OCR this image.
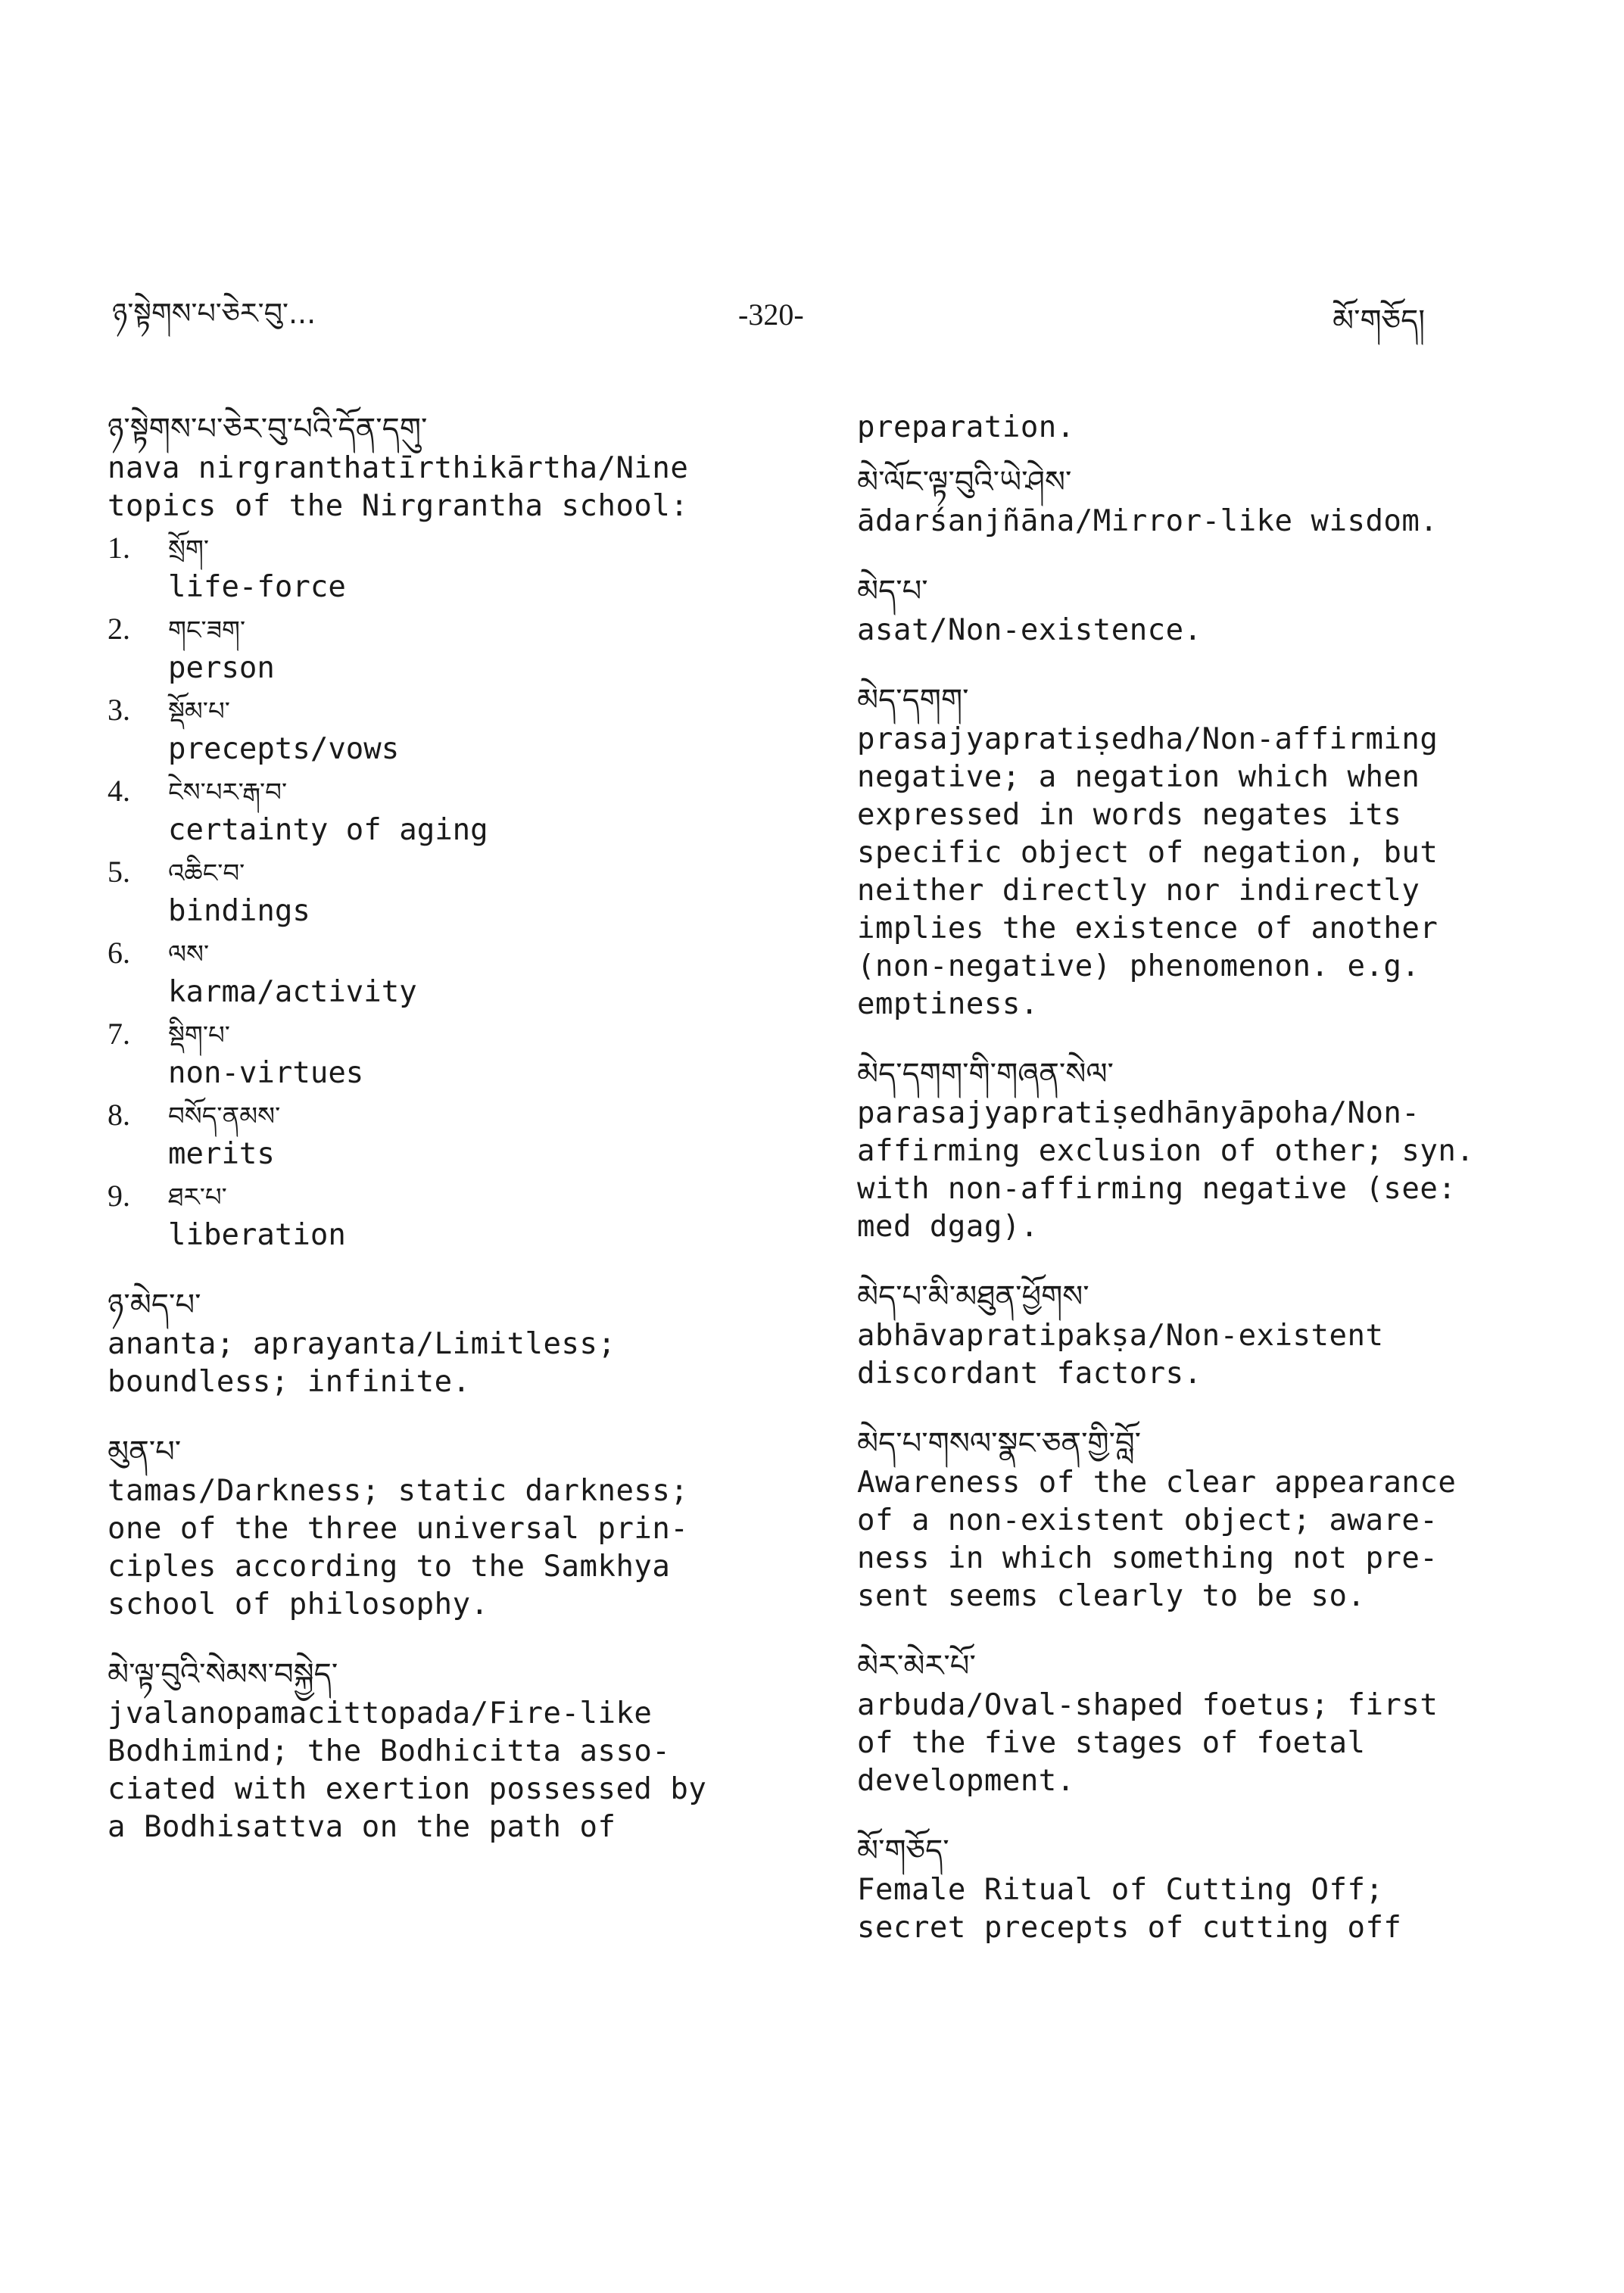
ཉ་སྟེགས་པ་ཅེར་བུ་...	-320-	མོ་གཅོད།

ཉ་སྟེགས་པ་ཅེར་བུ་པའི་དོན་དགུ་

nava nirgranthatīrthikārtha/Nine
topics of the Nirgrantha school:

1.	སྲོག་
life-force
2.	གང་ཟག་
person
3.	སྡོམ་པ་
precepts/vows
4.	ངེས་པར་རྒ་བ་
certainty of aging
5.	འཆིང་བ་
bindings
6.	ལས་
karma/activity
7.	སྡིག་པ་
non-virtues
8.	བསོད་ནམས་
merits
9.	ཐར་པ་
liberation

ཉ་མེད་པ་

ananta; aprayanta/Limitless;
boundless; infinite.

མུན་པ་

tamas/Darkness; static darkness;
one of the three universal prin-
ciples according to the Samkhya
school of philosophy.

མེ་ལྟ་བུའི་སེམས་བསྐྱེད་

jvalanopamacittopada/Fire-like
Bodhimind; the Bodhicitta asso-
ciated with exertion possessed by
a Bodhisattva on the path of

preparation.

མེ་ལོང་ལྟ་བུའི་ཡེ་ཤེས་

ādarśanjñāna/Mirror-like wisdom.

མེད་པ་

asat/Non-existence.

མེད་དགག་

prasajyapratiṣedha/Non-affirming
negative; a negation which when
expressed in words negates its
specific object of negation, but
neither directly nor indirectly
implies the existence of another
(non-negative) phenomenon. e.g.
emptiness.

མེད་དགག་གི་གཞན་སེལ་

parasajyapratiṣedhānyāpoha/Non-
affirming exclusion of other; syn.
with non-affirming negative (see:
med dgag).

མེད་པ་མི་མཐུན་ཕྱོགས་

abhāvapratipakṣa/Non-existent
discordant factors.

མེད་པ་གསལ་སྣང་ཅན་གྱི་བློ་

Awareness of the clear appearance
of a non-existent object; aware-
ness in which something not pre-
sent seems clearly to be so.

མེར་མེར་པོ་

arbuda/Oval-shaped foetus; first
of the five stages of foetal
development.

མོ་གཅོད་

Female Ritual of Cutting Off;
secret precepts of cutting off
